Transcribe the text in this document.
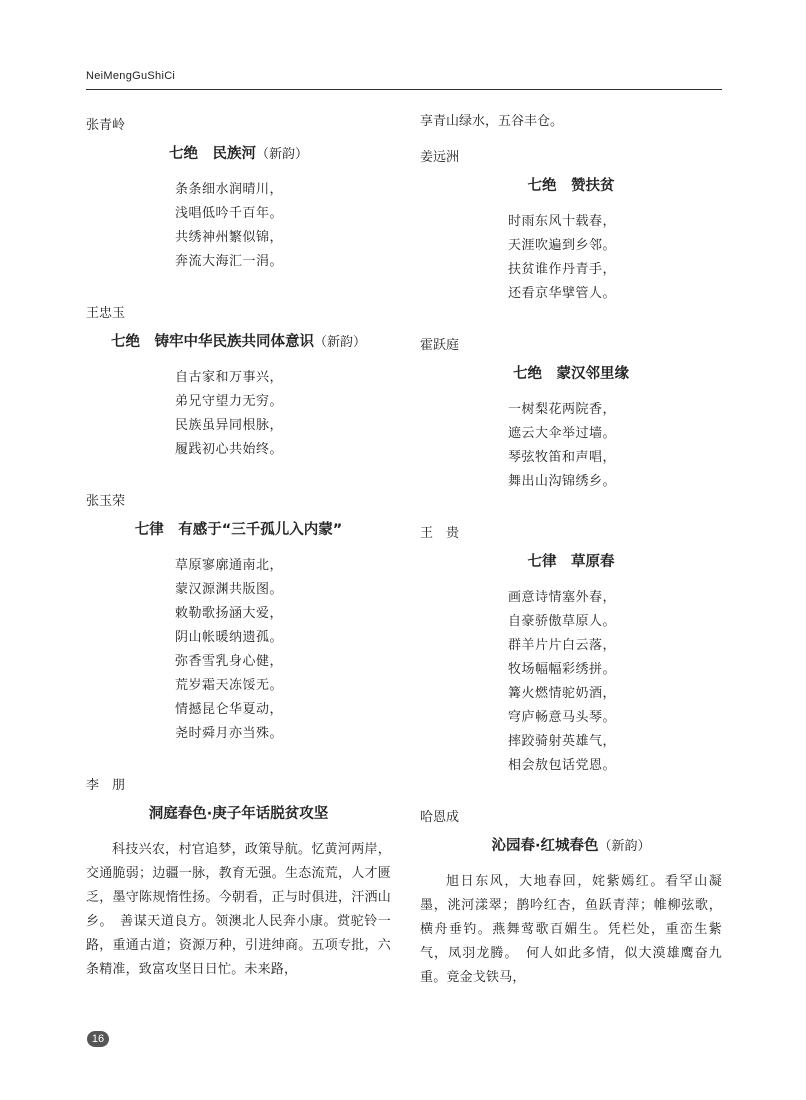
NeiMengGuShiCi
张青岭
七绝　民族河（新韵）
条条细水润晴川，
浅唱低吟千百年。
共绣神州繁似锦，
奔流大海汇一涓。
王忠玉
七绝　铸牢中华民族共同体意识（新韵）
自古家和万事兴，
弟兄守望力无穷。
民族虽异同根脉，
履践初心共始终。
张玉荣
七律　有感于“三千孤儿入内蒙”
草原寥廓通南北，
蒙汉源渊共版图。
敕勒歌扬涵大爱，
阴山帐暖纳遗孤。
弥香雪乳身心健，
荒岁霜天冻馁无。
情撼昆仑华夏动，
尧时舜月亦当殊。
李　朋
洞庭春色·庚子年话脱贫攻坚

科技兴农，村官追梦，政策导航。忆黄河两岸，交通脆弱；边疆一脉，教育无强。生态流荒，人才匮乏，墨守陈规惰性扬。今朝看，正与时俱进，汗洒山乡。　善谋天道良方。领澳北人民奔小康。赏驼铃一路，重通古道；资源万种，引进绅商。五项专批，六条精准，致富攻坚日日忙。未来路，

享青山绿水，五谷丰仓。
姜远洲
七绝　赞扶贫
时雨东风十载春，
天涯吹遍到乡邻。
扶贫谁作丹青手，
还看京华擘管人。
霍跃庭
七绝　蒙汉邻里缘
一树梨花两院香，
遮云大伞举过墙。
琴弦牧笛和声唱，
舞出山沟锦绣乡。
王　贵
七律　草原春
画意诗情塞外春，
自豪骄傲草原人。
群羊片片白云落，
牧场幅幅彩绣拼。
篝火燃情驼奶酒，
穹庐畅意马头琴。
摔跤骑射英雄气，
相会敖包话党恩。
哈恩成
沁园春·红城春色（新韵）

旭日东风，大地春回，姹紫嫣红。看罕山凝墨，洮河漾翠；鹊吟红杏，鱼跃青萍；帷柳弦歌，横舟垂钓。燕舞莺歌百媚生。凭栏处，重峦生紫气，凤羽龙腾。　何人如此多情，似大漠雄鹰奋九重。竟金戈铁马，

16
